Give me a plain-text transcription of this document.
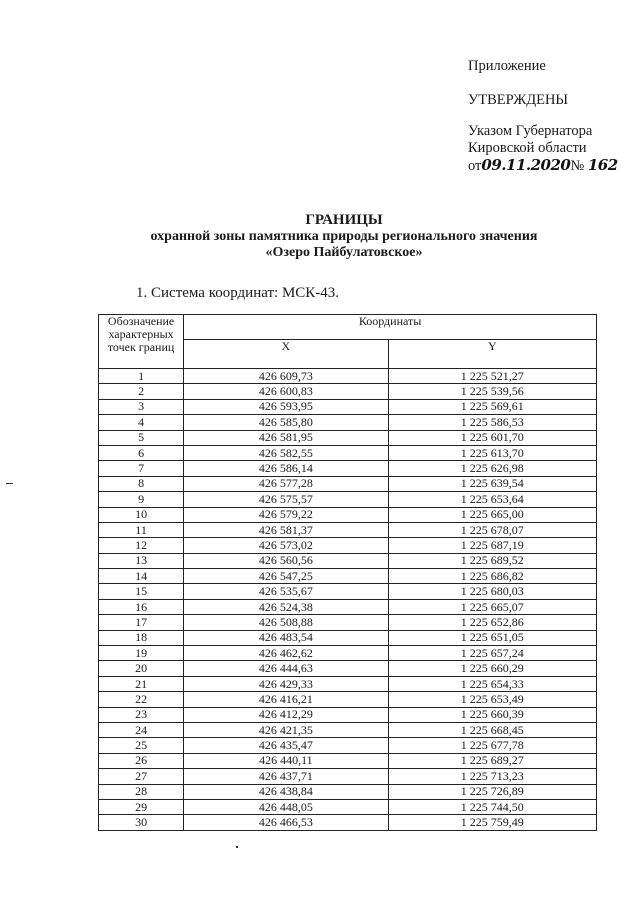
Приложение
УТВЕРЖДЕНЫ
Указом Губернатора
Кировской области
от09.11.2020№ 162
ГРАНИЦЫ
охранной зоны памятника природы регионального значения
«Озеро Пайбулатовское»
1. Система координат: МСК-43.
Обозначение характерных точек границ	Координаты	
	X	Y
1	426 609,73	1 225 521,27
2	426 600,83	1 225 539,56
3	426 593,95	1 225 569,61
4	426 585,80	1 225 586,53
5	426 581,95	1 225 601,70
6	426 582,55	1 225 613,70
7	426 586,14	1 225 626,98
8	426 577,28	1 225 639,54
9	426 575,57	1 225 653,64
10	426 579,22	1 225 665,00
11	426 581,37	1 225 678,07
12	426 573,02	1 225 687,19
13	426 560,56	1 225 689,52
14	426 547,25	1 225 686,82
15	426 535,67	1 225 680,03
16	426 524,38	1 225 665,07
17	426 508,88	1 225 652,86
18	426 483,54	1 225 651,05
19	426 462,62	1 225 657,24
20	426 444,63	1 225 660,29
21	426 429,33	1 225 654,33
22	426 416,21	1 225 653,49
23	426 412,29	1 225 660,39
24	426 421,35	1 225 668,45
25	426 435,47	1 225 677,78
26	426 440,11	1 225 689,27
27	426 437,71	1 225 713,23
28	426 438,84	1 225 726,89
29	426 448,05	1 225 744,50
30	426 466,53	1 225 759,49
